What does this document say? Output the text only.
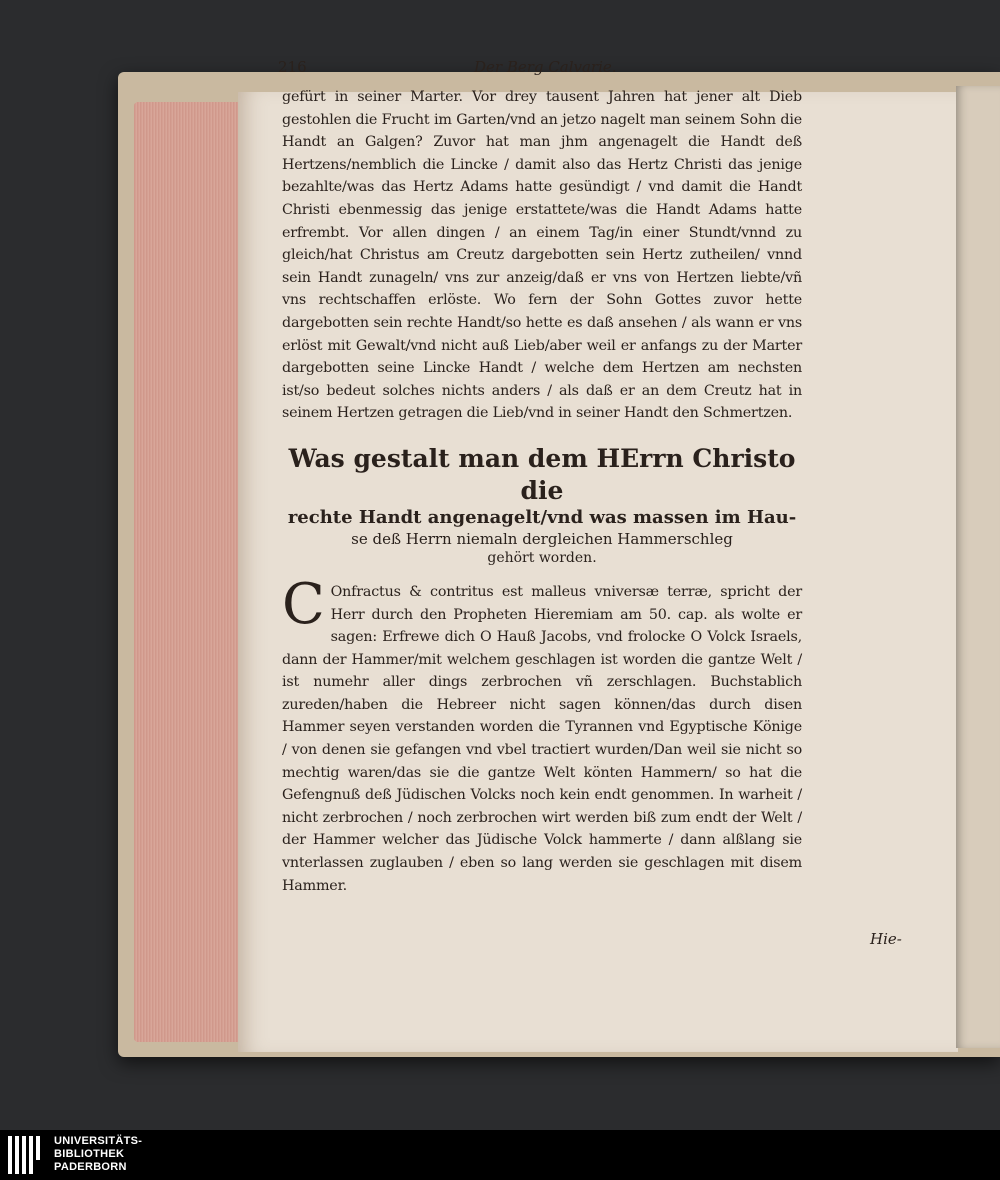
216	Der Berg Calvarie.

gefürt in seiner Marter. Vor drey tausent Jahren hat jener alt Dieb gestohlen die Frucht im Garten/vnd an jetzo nagelt man seinem Sohn die Handt an Galgen? Zuvor hat man jhm angenagelt die Handt deß Hertzens/nemblich die Lincke / damit also das Hertz Christi das jenige bezahlte/was das Hertz Adams hatte gesündigt / vnd damit die Handt Christi ebenmessig das jenige erstattete/was die Handt Adams hatte erfrembt. Vor allen dingen / an einem Tag/in einer Stundt/vnnd zu gleich/hat Christus am Creutz dargebotten sein Hertz zutheilen/ vnnd sein Handt zunageln/ vns zur anzeig/daß er vns von Hertzen liebte/vñ vns rechtschaffen erlöste. Wo fern der Sohn Gottes zuvor hette dargebotten sein rechte Handt/so hette es daß ansehen / als wann er vns erlöst mit Gewalt/vnd nicht auß Lieb/aber weil er anfangs zu der Marter dargebotten seine Lincke Handt / welche dem Hertzen am nechsten ist/so bedeut solches nichts anders / als daß er an dem Creutz hat in seinem Hertzen getragen die Lieb/vnd in seiner Handt den Schmertzen.

Was gestalt man dem HErrn Christo die
rechte Handt angenagelt/vnd was massen im Hau-
se deß Herrn niemaln dergleichen Hammerschleg
gehört worden.

C Onfractus & contritus est malleus vniversæ terræ, spricht der Herr durch den Propheten Hieremiam am 50. cap. als wolte er sagen: Erfrewe dich O Hauß Jacobs, vnd frolocke O Volck Israels, dann der Hammer/mit welchem geschlagen ist worden die gantze Welt / ist numehr aller dings zerbrochen vñ zerschlagen. Buchstablich zureden/haben die Hebreer nicht sagen können/das durch disen Hammer seyen verstanden worden die Tyrannen vnd Egyptische Könige / von denen sie gefangen vnd vbel tractiert wurden/Dan weil sie nicht so mechtig waren/das sie die gantze Welt könten Hammern/ so hat die Gefengnuß deß Jüdischen Volcks noch kein endt genommen. In warheit / nicht zerbrochen / noch zerbrochen wirt werden biß zum endt der Welt / der Hammer welcher das Jüdische Volck hammerte / dann alßlang sie vnterlassen zuglauben / eben so lang werden sie geschlagen mit disem Hammer.

Hie-
UNIVERSITÄTS-
BIBLIOTHEK
PADERBORN
